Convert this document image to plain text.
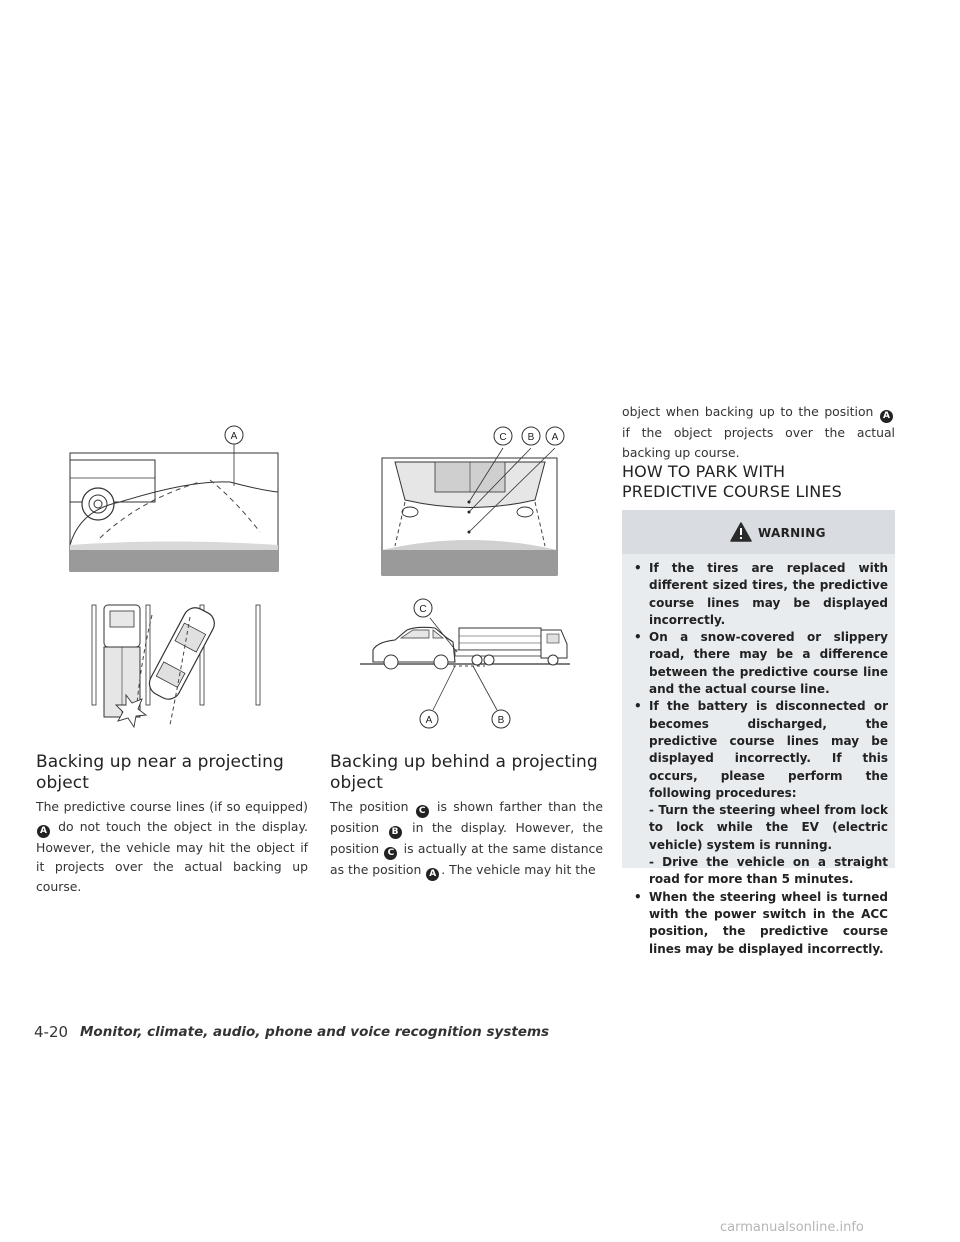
A	C B A
C
A	B
Backing up near a projecting object

The predictive course lines (if so equipped) A do not touch the object in the display. However, the vehicle may hit the object if it projects over the actual backing up course.

Backing up behind a projecting object

The position C is shown farther than the position B in the display. However, the position C is actually at the same distance as the position A . The vehicle may hit the

object when backing up to the position A if the object projects over the actual backing up course.

HOW TO PARK WITH PREDICTIVE COURSE LINES
WARNING
• If the tires are replaced with different sized tires, the predictive course lines may be displayed incorrectly.
• On a snow-covered or slippery road, there may be a difference between the predictive course line and the actual course line.
• If the battery is disconnected or becomes discharged, the predictive course lines may be displayed incorrectly. If this occurs, please perform the following procedures:
- Turn the steering wheel from lock to lock while the EV (electric vehicle) system is running.
- Drive the vehicle on a straight road for more than 5 minutes.
• When the steering wheel is turned with the power switch in the ACC position, the predictive course lines may be displayed incorrectly.
4-20 Monitor, climate, audio, phone and voice recognition systems
carmanualsonline.info
